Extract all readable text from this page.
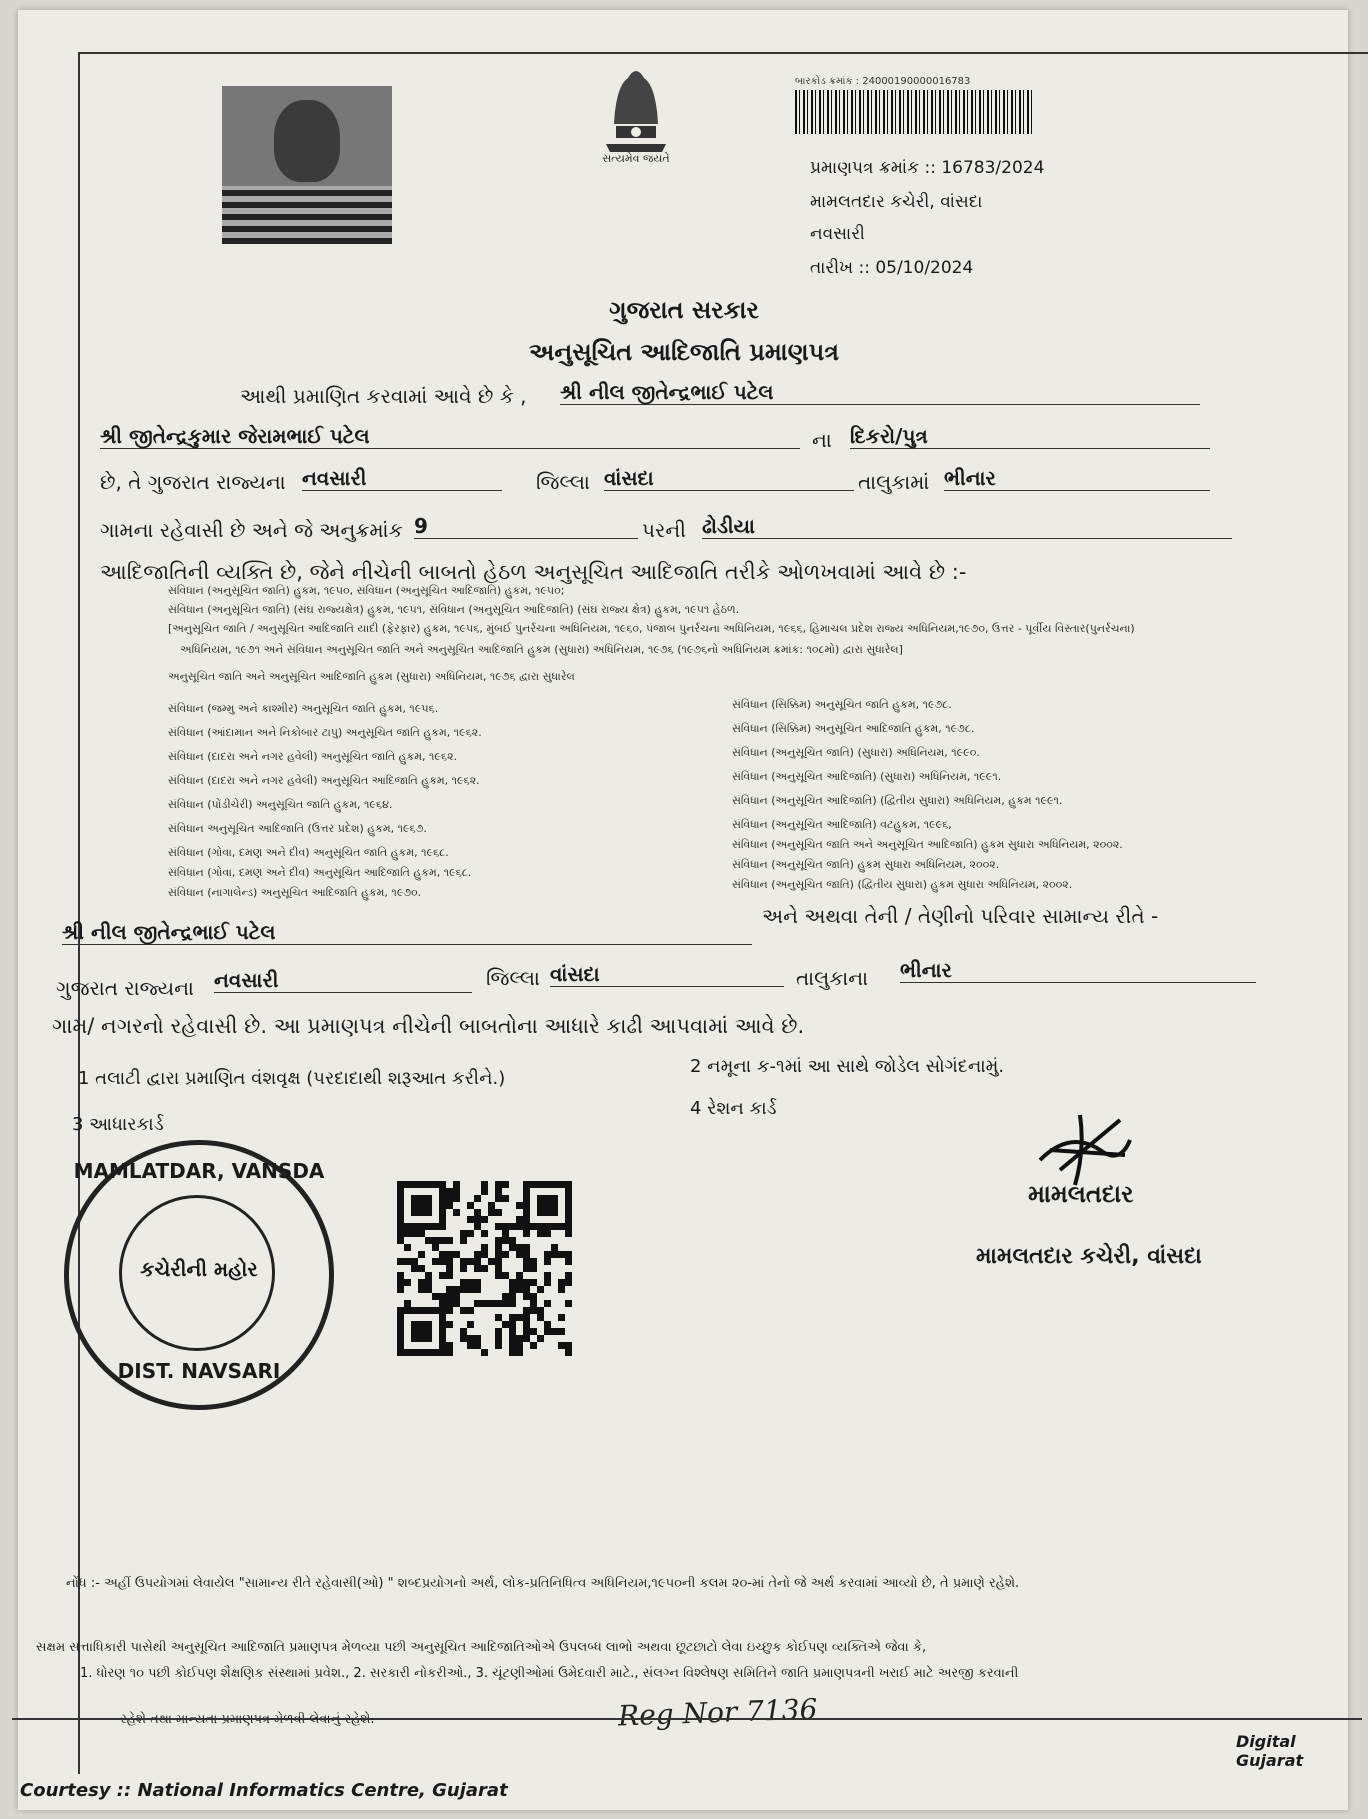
સત્યમેવ જયતે
બારકોડ ક્રમાંક : 24000190000016783
પ્રમાણપત્ર ક્રમાંક :: 16783/2024
મામલતદાર કચેરી, વાંસદા
નવસારી
તારીખ :: 05/10/2024
ગુજરાત સરકાર
અનુસૂચિત આદિજાતિ પ્રમાણપત્ર
આથી પ્રમાણિત કરવામાં આવે છે કે , શ્રી નીલ જીતેન્દ્રભાઈ પટેલ
શ્રી જીતેન્દ્રકુમાર જેરામભાઈ પટેલ	ના દિકરો/પુત્ર
છે, તે ગુજરાત રાજ્યના નવસારી	જિલ્લા વાંસદા	તાલુકામાં ભીનાર
ગામના રહેવાસી છે અને જે અનુક્રમાંક 9	પરની ઢોડીયા
આદિજાતિની વ્યક્તિ છે, જેને નીચેની બાબતો હેઠળ અનુસૂચિત આદિજાતિ તરીકે ઓળખવામાં આવે છે :-
સંવિધાન (અનુસૂચિત જાતિ) હુકમ, ૧૯૫૦, સંવિધાન (અનુસૂચિત આદિજાતિ) હુકમ, ૧૯૫૦;
સંવિધાન (અનુસૂચિત જાતિ) (સંઘ રાજ્યક્ષેત્ર) હુકમ, ૧૯૫૧, સંવિધાન (અનુસૂચિત આદિજાતિ) (સંઘ રાજ્ય ક્ષેત્ર) હુકમ, ૧૯૫૧ હેઠળ.
[અનુસૂચિત જાતિ / અનુસૂચિત આદિજાતિ યાદી (ફેરફાર) હુકમ, ૧૯૫૬, મુંબઈ પુનર્રચના અધિનિયમ, ૧૯૬૦, પંજાબ પુનર્રચના અધિનિયમ, ૧૯૬૬, હિમાચલ પ્રદેશ રાજ્ય અધિનિયમ,૧૯૭૦, ઉત્તર - પૂર્વીય વિસ્તાર(પુનર્રચના)
અધિનિયમ, ૧૯૭૧ અને સંવિધાન અનુસૂચિત જાતિ અને અનુસૂચિત આદિજાતિ હુકમ (સુધારા) અધિનિયમ, ૧૯૭૬ (૧૯૭૬નો અધિનિયમ ક્રમાંક: ૧૦૮મો) દ્વારા સુધારેલ]
અનુસૂચિત જાતિ અને અનુસૂચિત આદિજાતિ હુકમ (સુધારા) અધિનિયમ, ૧૯૭૬ દ્વારા સુધારેલ
સંવિધાન (જમ્મુ અને કાશ્મીર) અનુસૂચિત જાતિ હુકમ, ૧૯૫૬.
સંવિધાન (આંદામાન અને નિકોબાર ટાપુ) અનુસૂચિત જાતિ હુકમ, ૧૯૬૨.
સંવિધાન (દાદરા અને નગર હવેલી) અનુસૂચિત જાતિ હુકમ, ૧૯૬૨.
સંવિધાન (દાદરા અને નગર હવેલી) અનુસૂચિત આદિજાતિ હુકમ, ૧૯૬૨.
સંવિધાન (પોંડીચેરી) અનુસૂચિત જાતિ હુકમ, ૧૯૬૪.
સંવિધાન અનુસૂચિત આદિજાતિ (ઉત્તર પ્રદેશ) હુકમ, ૧૯૬૭.
સંવિધાન (ગોવા, દમણ અને દીવ) અનુસૂચિત જાતિ હુકમ, ૧૯૬૮.
સંવિધાન (ગોવા, દમણ અને દીવ) અનુસૂચિત આદિજાતિ હુકમ, ૧૯૬૮.
સંવિધાન (નાગાલેન્ડ) અનુસૂચિત આદિજાતિ હુકમ, ૧૯૭૦.
સંવિધાન (સિક્કિમ) અનુસૂચિત જાતિ હુકમ, ૧૯૭૮.
સંવિધાન (સિક્કિમ) અનુસૂચિત આદિજાતિ હુકમ, ૧૯૭૮.
સંવિધાન (અનુસૂચિત જાતિ) (સુધારા) અધિનિયમ, ૧૯૯૦.
સંવિધાન (અનુસૂચિત આદિજાતિ) (સુધારા) અધિનિયમ, ૧૯૯૧.
સંવિધાન (અનુસૂચિત આદિજાતિ) (દ્વિતીય સુધારા) અધિનિયમ, હુકમ ૧૯૯૧.
સંવિધાન (અનુસૂચિત આદિજાતિ) વટહુકમ, ૧૯૯૬,
સંવિધાન (અનુસૂચિત જાતિ અને અનુસૂચિત આદિજાતિ) હુકમ સુધારા અધિનિયમ, ૨૦૦૨.
સંવિધાન (અનુસૂચિત જાતિ) હુકમ સુધારા અધિનિયમ, ૨૦૦૨.
સંવિધાન (અનુસૂચિત જાતિ) (દ્વિતીય સુધારા) હુકમ સુધારા અધિનિયમ, ૨૦૦૨.
શ્રી નીલ જીતેન્દ્રભાઈ પટેલ
અને અથવા તેની / તેણીનો પરિવાર સામાન્ય રીતે -
ગુજરાત રાજ્યના નવસારી	જિલ્લા વાંસદા	તાલુકાના ભીનાર
ગામ/ નગરનો રહેવાસી છે. આ પ્રમાણપત્ર નીચેની બાબતોના આધારે કાઢી આપવામાં આવે છે.
1 તલાટી દ્વારા પ્રમાણિત વંશવૃક્ષ (પરદાદાથી શરૂઆત કરીને.)
2 નમૂના ક-૧માં આ સાથે જોડેલ સોગંદનામું.
3 આધારકાર્ડ
4 રેશન કાર્ડ
MAMLATDAR, VANSDA
કચેરીની મહોર
DIST. NAVSARI
મામલતદાર
મામલતદાર કચેરી, વાંસદા
નોંધ :- અહીં ઉપયોગમાં લેવાયેલ "સામાન્ય રીતે રહેવાસી(ઓ) " શબ્દપ્રયોગનો અર્થ, લોક-પ્રતિનિધિત્વ અધિનિયમ,૧૯૫૦ની કલમ ૨૦-માં તેનો જે અર્થ કરવામાં આવ્યો છે, તે પ્રમાણે રહેશે.
સક્ષમ સત્તાધિકારી પાસેથી અનુસૂચિત આદિજાતિ પ્રમાણપત્ર મેળવ્યા પછી અનુસૂચિત આદિજાતિઓએ ઉપલબ્ધ લાભો અથવા છૂટછાટો લેવા ઇચ્છુક કોઈપણ વ્યક્તિએ જેવા કે,
1. ધોરણ ૧૦ પછી કોઈપણ શૈક્ષણિક સંસ્થામાં પ્રવેશ., 2. સરકારી નોકરીઓ., 3. ચૂંટણીઓમાં ઉમેદવારી માટે., સંલગ્ન વિશ્લેષણ સમિતિને જાતિ પ્રમાણપત્રની ખરાઈ માટે અરજી કરવાની
રહેશે તથા માન્યતા પ્રમાણપત્ર મેળવી લેવાનું રહેશે.	Reg Nor 7136
Digital Gujarat
Courtesy :: National Informatics Centre, Gujarat
